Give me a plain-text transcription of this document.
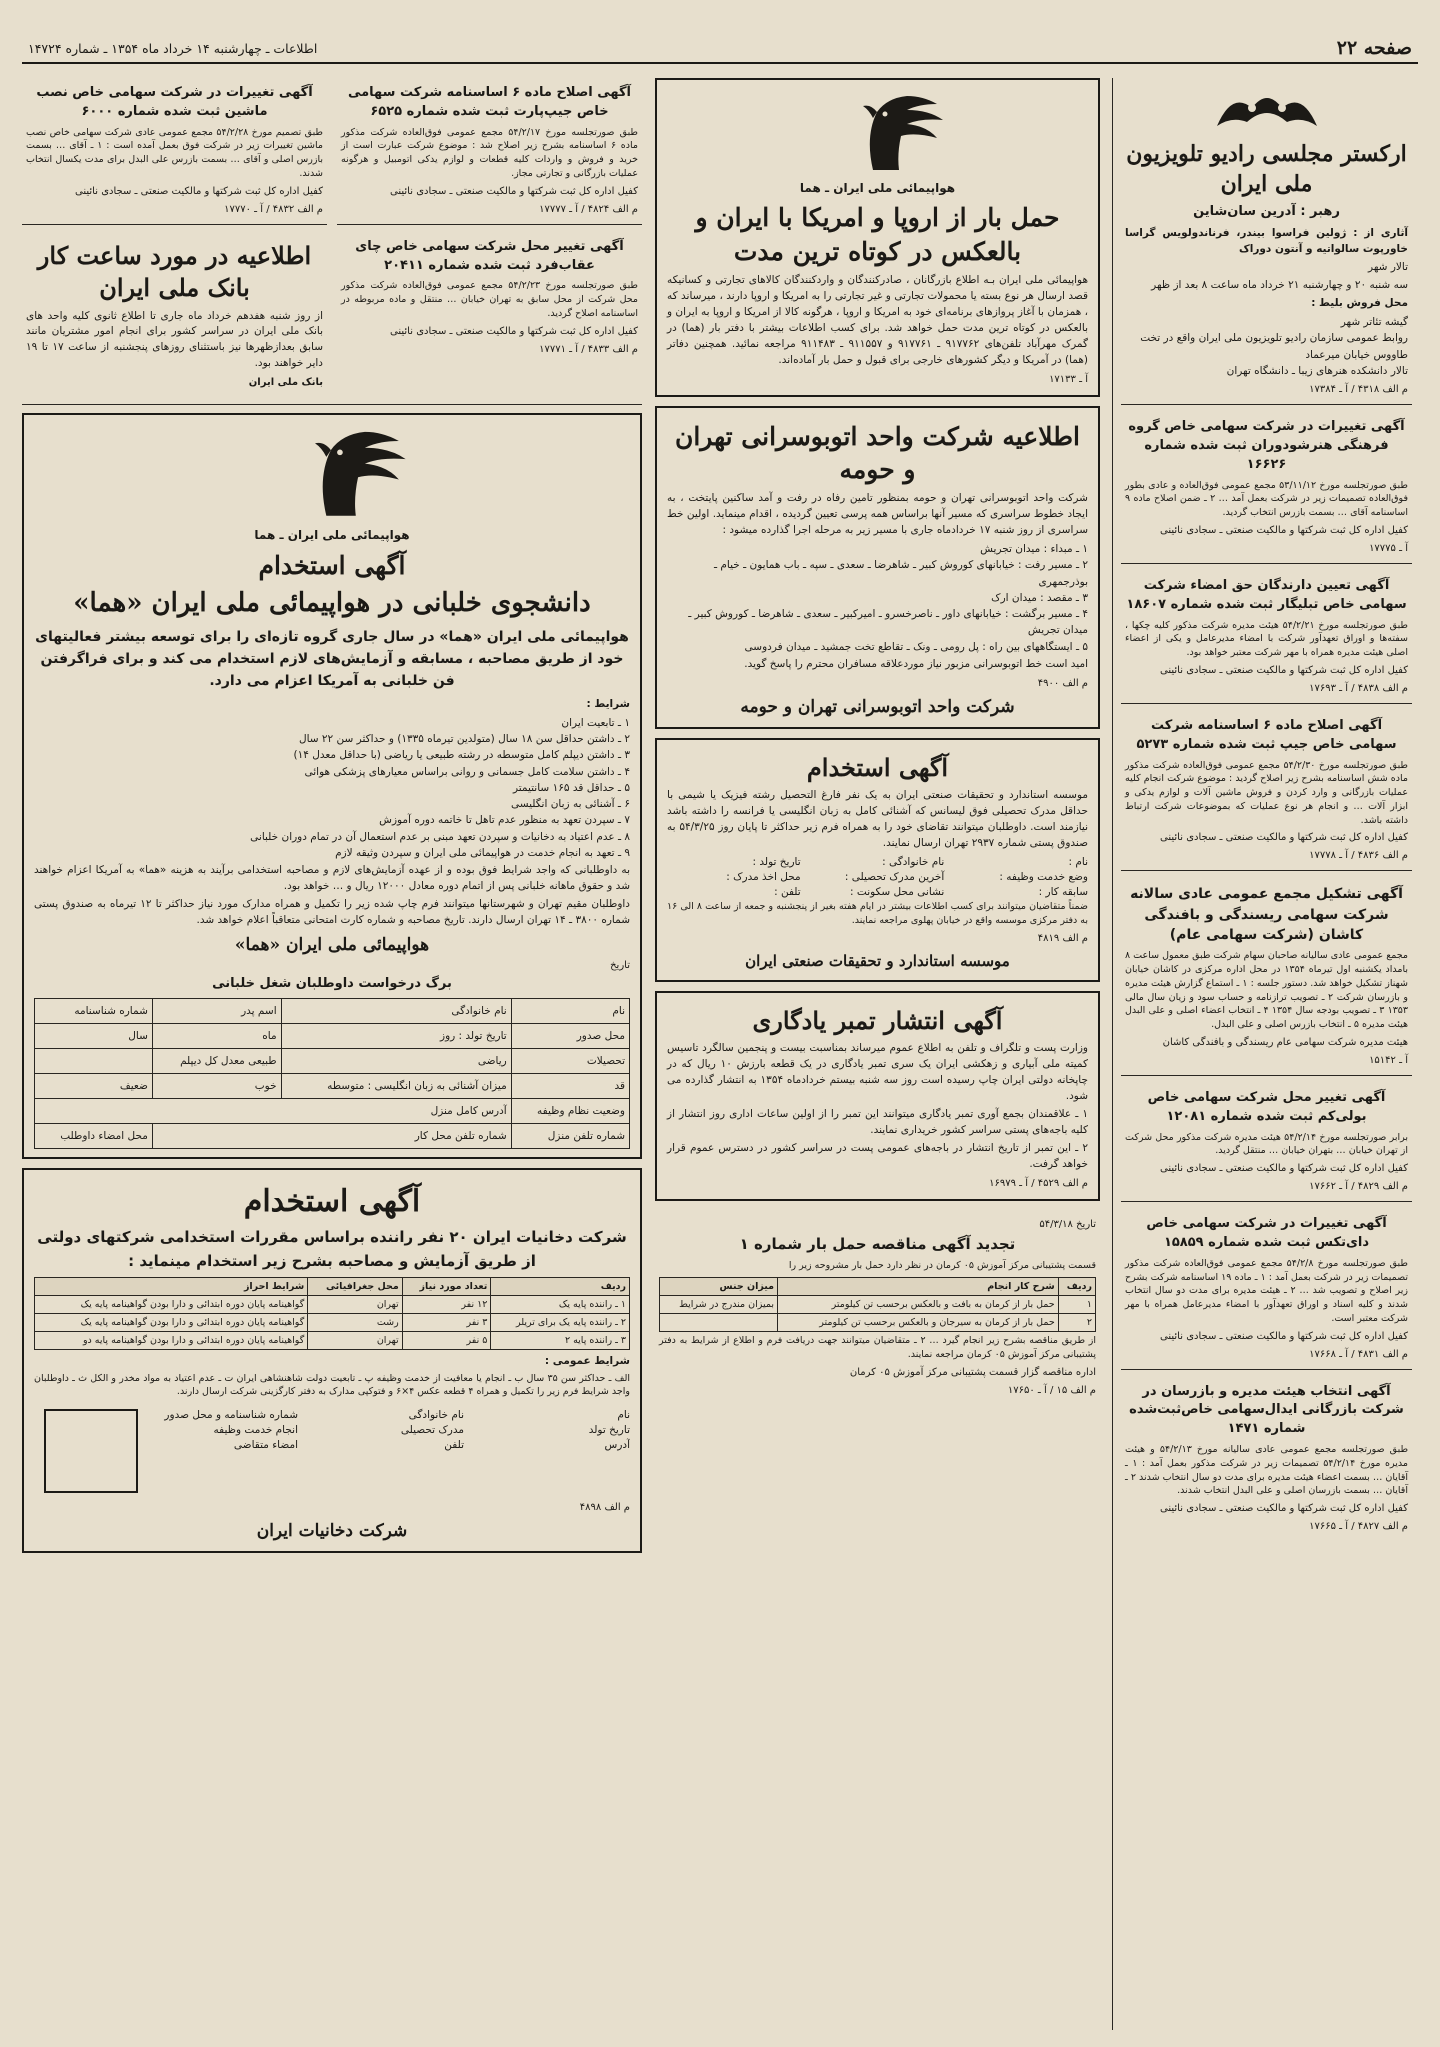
صفحه ۲۲
اطلاعات ـ چهارشنبه ۱۴ خرداد ماه ۱۳۵۴ ـ شماره ۱۴۷۲۴
ارکستر مجلسی رادیو تلویزیون ملی ایران
رهبر : آدرین سان‌شاین
آثاری از : ژولین فراسوا بیندر، فرناندولویس گراسا خاورپوت سالواتیه و آنتون دوراک
تالار شهر
سه شنبه ۲۰ و چهارشنبه ۲۱ خرداد ماه ساعت ۸ بعد از ظهر
محل فروش بلیط :
گیشه تئاتر شهر
روابط عمومی سازمان رادیو تلویزیون ملی ایران واقع در تخت طاووس خیابان میرعماد
تالار دانشکده هنرهای زیبا ـ دانشگاه تهران
م الف ۴۳۱۸ / آ ـ ۱۷۳۸۴
آگهی تغییرات در شرکت سهامی خاص گروه فرهنگی هنرشودوران ثبت شده شماره ۱۶۶۲۶
طبق صورتجلسه مورخ ۵۳/۱۱/۱۲ مجمع عمومی فوق‌العاده و عادی بطور فوق‌العاده تصمیمات زیر در شرکت بعمل آمد … ۲ ـ ضمن اصلاح ماده ۹ اساسنامه آقای … بسمت بازرس انتخاب گردید.
کفیل اداره کل ثبت شرکتها و مالکیت صنعتی ـ سجادی نائینی
آ ـ ۱۷۷۷۵
آگهی تعیین دارندگان حق امضاء شرکت سهامی خاص تبلیگار ثبت شده شماره ۱۸۶۰۷
طبق صورتجلسه مورخ ۵۴/۲/۲۱ هیئت مدیره شرکت مذکور کلیه چکها ، سفته‌ها و اوراق تعهدآور شرکت با امضاء مدیرعامل و یکی از اعضاء اصلی هیئت مدیره همراه با مهر شرکت معتبر خواهد بود.
کفیل اداره کل ثبت شرکتها و مالکیت صنعتی ـ سجادی نائینی
م الف ۴۸۳۸ / آ ـ ۱۷۶۹۳
آگهی اصلاح ماده ۶ اساسنامه شرکت سهامی خاص جیپ ثبت شده شماره ۵۲۷۳
طبق صورتجلسه مورخ ۵۴/۲/۳۰ مجمع عمومی فوق‌العاده شرکت مذکور ماده شش اساسنامه بشرح زیر اصلاح گردید : موضوع شرکت انجام کلیه عملیات بازرگانی و وارد کردن و فروش ماشین آلات و لوازم یدکی و ابزار آلات … و انجام هر نوع عملیات که بموضوعات شرکت ارتباط داشته باشد.
کفیل اداره کل ثبت شرکتها و مالکیت صنعتی ـ سجادی نائینی
م الف ۴۸۳۶ / آ ـ ۱۷۷۷۸
آگهی تشکیل مجمع عمومی عادی سالانه شرکت سهامی ریسندگی و بافندگی کاشان (شرکت سهامی عام)
مجمع عمومی عادی سالیانه صاحبان سهام شرکت طبق معمول ساعت ۸ بامداد یکشنبه اول تیرماه ۱۳۵۴ در محل اداره مرکزی در کاشان خیابان شهناز تشکیل خواهد شد. دستور جلسه : ۱ ـ استماع گزارش هیئت مدیره و بازرسان شرکت ۲ ـ تصویب ترازنامه و حساب سود و زیان سال مالی ۱۳۵۳ ۳ ـ تصویب بودجه سال ۱۳۵۴ ۴ ـ انتخاب اعضاء اصلی و علی البدل هیئت مدیره ۵ ـ انتخاب بازرس اصلی و علی البدل.
هیئت مدیره شرکت سهامی عام ریسندگی و بافندگی کاشان
آ ـ ۱۵۱۴۲
آگهی تغییر محل شرکت سهامی خاص بولی‌کم ثبت شده شماره ۱۲۰۸۱
برابر صورتجلسه مورخ ۵۴/۲/۱۴ هیئت مدیره شرکت مذکور محل شرکت از تهران خیابان … بتهران خیابان … منتقل گردید.
کفیل اداره کل ثبت شرکتها و مالکیت صنعتی ـ سجادی نائینی
م الف ۴۸۲۹ / آ ـ ۱۷۶۶۲
آگهی تغییرات در شرکت سهامی خاص دای‌تکس ثبت شده شماره ۱۵۸۵۹
طبق صورتجلسه مورخ ۵۴/۲/۸ مجمع عمومی فوق‌العاده شرکت مذکور تصمیمات زیر در شرکت بعمل آمد : ۱ ـ ماده ۱۹ اساسنامه شرکت بشرح زیر اصلاح و تصویب شد … ۲ ـ هیئت مدیره برای مدت دو سال انتخاب شدند و کلیه اسناد و اوراق تعهدآور با امضاء مدیرعامل همراه با مهر شرکت معتبر است.
کفیل اداره کل ثبت شرکتها و مالکیت صنعتی ـ سجادی نائینی
م الف ۴۸۳۱ / آ ـ ۱۷۶۶۸
آگهی انتخاب هیئت مدیره و بازرسان در شرکت بازرگانی ایدال‌سهامی خاص‌ثبت‌شده شماره ۱۴۷۱
طبق صورتجلسه مجمع عمومی عادی سالیانه مورخ ۵۴/۲/۱۳ و هیئت مدیره مورخ ۵۴/۲/۱۴ تصمیمات زیر در شرکت مذکور بعمل آمد : ۱ ـ آقایان … بسمت اعضاء هیئت مدیره برای مدت دو سال انتخاب شدند ۲ ـ آقایان … بسمت بازرسان اصلی و علی البدل انتخاب شدند.
کفیل اداره کل ثبت شرکتها و مالکیت صنعتی ـ سجادی نائینی
م الف ۴۸۲۷ / آ ـ ۱۷۶۶۵
هواپیمائی ملی ایران ـ هما
حمل بار از اروپا و امریکا با ایران و بالعکس در کوتاه ترین مدت
هواپیمائی ملی ایران بـه اطلاع بازرگانان ، صادرکنندگان و واردکنندگان کالاهای تجارتی و کسانیکه قصد ارسال هر نوع بسته یا محمولات تجارتی و غیر تجارتی را به امریکا و اروپا دارند ، میرساند که ، همزمان با آغاز پروازهای برنامه‌ای خود به امریکا و اروپا ، هرگونه کالا از امریکا و اروپا به ایران و بالعکس در کوتاه ترین مدت حمل خواهد شد. برای کسب اطلاعات بیشتر با دفتر بار (هما) در گمرک مهرآباد تلفن‌های ۹۱۷۷۶۲ ـ ۹۱۷۷۶۱ و ۹۱۱۵۵۷ ـ ۹۱۱۴۸۳ مراجعه نمائید. همچنین دفاتر (هما) در آمریکا و دیگر کشورهای خارجی برای قبول و حمل بار آماده‌اند.
آ ـ ۱۷۱۳۳
اطلاعیه شرکت واحد اتوبوسرانی تهران و حومه
شرکت واحد اتوبوسرانی تهران و حومه بمنظور تامین رفاه در رفت و آمد ساکنین پایتخت ، به ایجاد خطوط سراسری که مسیر آنها براساس همه پرسی تعیین گردیده ، اقدام مینماید. اولین خط سراسری از روز شنبه ۱۷ خردادماه جاری با مسیر زیر به مرحله اجرا گذارده میشود :
۱ ـ مبداء : میدان تجریش
۲ ـ مسیر رفت : خیابانهای کوروش کبیر ـ شاهرضا ـ سعدی ـ سپه ـ باب همایون ـ خیام ـ بوذرجمهری
۳ ـ مقصد : میدان ارک
۴ ـ مسیر برگشت : خیابانهای داور ـ ناصرخسرو ـ امیرکبیر ـ سعدی ـ شاهرضا ـ کوروش کبیر ـ میدان تجریش
۵ ـ ایستگاههای بین راه : پل رومی ـ ونک ـ تقاطع تخت جمشید ـ میدان فردوسی
امید است خط اتوبوسرانی مزبور نیاز موردعلاقه مسافران محترم را پاسخ گوید.
م الف ۴۹۰۰
شرکت واحد اتوبوسرانی تهران و حومه
آگهی استخدام
موسسه استاندارد و تحقیقات صنعتی ایران به یک نفر فارغ التحصیل رشته فیزیک یا شیمی با حداقل مدرک تحصیلی فوق لیسانس که آشنائی کامل به زبان انگلیسی یا فرانسه را داشته باشد نیازمند است. داوطلبان میتوانند تقاضای خود را به همراه فرم زیر حداکثر تا پایان روز ۵۴/۳/۲۵ به صندوق پستی شماره ۲۹۳۷ تهران ارسال نمایند.
نام :
نام خانوادگی :
تاریخ تولد :
وضع خدمت وظیفه :
آخرین مدرک تحصیلی :
محل اخذ مدرک :
سابقه کار :
نشانی محل سکونت :
تلفن :
ضمناً متقاضیان میتوانند برای کسب اطلاعات بیشتر در ایام هفته بغیر از پنجشنبه و جمعه از ساعت ۸ الی ۱۶ به دفتر مرکزی موسسه واقع در خیابان پهلوی مراجعه نمایند.
م الف ۴۸۱۹
موسسه استاندارد و تحقیقات صنعتی ایران
آگهی انتشار تمبر یادگاری
وزارت پست و تلگراف و تلفن به اطلاع عموم میرساند بمناسبت بیست و پنجمین سالگرد تاسیس کمیته ملی آبیاری و زهکشی ایران یک سری تمبر یادگاری در یک قطعه بارزش ۱۰ ریال که در چاپخانه دولتی ایران چاپ رسیده است روز سه شنبه بیستم خردادماه ۱۳۵۴ به انتشار گذارده می شود.
۱ ـ علاقمندان بجمع آوری تمبر یادگاری میتوانند این تمبر را از اولین ساعات اداری روز انتشار از کلیه باجه‌های پستی سراسر کشور خریداری نمایند.
۲ ـ این تمبر از تاریخ انتشار در باجه‌های عمومی پست در سراسر کشور در دسترس عموم قرار خواهد گرفت.
م الف ۴۵۲۹ / آ ـ ۱۶۹۷۹
تاریخ ۵۴/۳/۱۸
تجدید آگهی مناقصه حمل بار شماره ۱
قسمت پشتیبانی مرکز آموزش ۰۵ کرمان در نظر دارد حمل بار مشروحه زیر را
ردیف	شرح کار انجام	میزان جنس
۱	حمل بار از کرمان به بافت و بالعکس برحسب تن کیلومتر	بمیزان مندرج در شرایط
۲	حمل بار از کرمان به سیرجان و بالعکس برحسب تن کیلومتر	
از طریق مناقصه بشرح زیر انجام گیرد … ۲ ـ متقاضیان میتوانند جهت دریافت فرم و اطلاع از شرایط به دفتر پشتیبانی مرکز آموزش ۰۵ کرمان مراجعه نمایند.
اداره مناقصه گزار قسمت پشتیبانی مرکز آموزش ۰۵ کرمان
م الف ۱۵ / آ ـ ۱۷۶۵۰
آگهی اصلاح ماده ۶ اساسنامه شرکت سهامی خاص جیپ‌پارت ثبت شده شماره ۶۵۲۵
طبق صورتجلسه مورخ ۵۴/۲/۱۷ مجمع عمومی فوق‌العاده شرکت مذکور ماده ۶ اساسنامه بشرح زیر اصلاح شد : موضوع شرکت عبارت است از خرید و فروش و واردات کلیه قطعات و لوازم یدکی اتومبیل و هرگونه عملیات بازرگانی و تجارتی مجاز.
کفیل اداره کل ثبت شرکتها و مالکیت صنعتی ـ سجادی نائینی
م الف ۴۸۲۴ / آ ـ ۱۷۷۷۷
آگهی تغییر محل شرکت سهامی خاص چای عقاب‌فرد ثبت شده شماره ۲۰۴۱۱
طبق صورتجلسه مورخ ۵۴/۲/۲۳ مجمع عمومی فوق‌العاده شرکت مذکور محل شرکت از محل سابق به تهران خیابان … منتقل و ماده مربوطه در اساسنامه اصلاح گردید.
کفیل اداره کل ثبت شرکتها و مالکیت صنعتی ـ سجادی نائینی
م الف ۴۸۳۳ / آ ـ ۱۷۷۷۱
آگهی تغییرات در شرکت سهامی خاص نصب ماشین ثبت شده شماره ۶۰۰۰
طبق تصمیم مورخ ۵۴/۲/۲۸ مجمع عمومی عادی شرکت سهامی خاص نصب ماشین تغییرات زیر در شرکت فوق بعمل آمده است : ۱ ـ آقای … بسمت بازرس اصلی و آقای … بسمت بازرس علی البدل برای مدت یکسال انتخاب شدند.
کفیل اداره کل ثبت شرکتها و مالکیت صنعتی ـ سجادی نائینی
م الف ۴۸۳۲ / آ ـ ۱۷۷۷۰
اطلاعیه در مورد ساعت کار بانک ملی ایران
از روز شنبه هفدهم خرداد ماه جاری تا اطلاع ثانوی کلیه واحد های بانک ملی ایران در سراسر کشور برای انجام امور مشتریان مانند سابق بعدازظهرها نیز باستثنای روزهای پنجشنبه از ساعت ۱۷ تا ۱۹ دایر خواهند بود.
بانک ملی ایران
هواپیمائی ملی ایران ـ هما
آگهی استخدام
دانشجوی خلبانی در هواپیمائی ملی ایران «هما»
هواپیمائی ملی ایران «هما» در سال جاری گروه تازه‌ای را برای توسعه بیشتر فعالیتهای خود از طریق مصاحبه ، مسابقه و آزمایش‌های لازم استخدام می کند و برای فراگرفتن فن خلبانی به آمریکا اعزام می دارد.
شرایط :
۱ ـ تابعیت ایران
۲ ـ داشتن حداقل سن ۱۸ سال (متولدین تیرماه ۱۳۳۵) و حداکثر سن ۲۲ سال
۳ ـ داشتن دیپلم کامل متوسطه در رشته طبیعی یا ریاضی (با حداقل معدل ۱۴)
۴ ـ داشتن سلامت کامل جسمانی و روانی براساس معیارهای پزشکی هوائی
۵ ـ حداقل قد ۱۶۵ سانتیمتر
۶ ـ آشنائی به زبان انگلیسی
۷ ـ سپردن تعهد به منظور عدم تاهل تا خاتمه دوره آموزش
۸ ـ عدم اعتیاد به دخانیات و سپردن تعهد مبنی بر عدم استعمال آن در تمام دوران خلبانی
۹ ـ تعهد به انجام خدمت در هواپیمائی ملی ایران و سپردن وثیقه لازم
به داوطلبانی که واجد شرایط فوق بوده و از عهده آزمایش‌های لازم و مصاحبه استخدامی برآیند به هزینه «هما» به آمریکا اعزام خواهند شد و حقوق ماهانه خلبانی پس از اتمام دوره معادل ۱۲۰۰۰ ریال و … خواهد بود.
داوطلبان مقیم تهران و شهرستانها میتوانند فرم چاپ شده زیر را تکمیل و همراه مدارک مورد نیاز حداکثر تا ۱۲ تیرماه به صندوق پستی شماره ۳۸۰۰ ـ ۱۴ تهران ارسال دارند. تاریخ مصاحبه و شماره کارت امتحانی متعاقباً اعلام خواهد شد.
هواپیمائی ملی ایران «هما»
تاریخ
برگ درخواست داوطلبان شغل خلبانی
نام	نام خانوادگی	اسم پدر	شماره شناسنامه
محل صدور	تاریخ تولد : روز	ماه	سال
تحصیلات	ریاضی	طبیعی معدل کل دیپلم	
قد	میزان آشنائی به زبان انگلیسی : متوسطه	خوب	ضعیف
وضعیت نظام وظیفه	آدرس کامل منزل		
شماره تلفن منزل	شماره تلفن محل کار		محل امضاء داوطلب
آگهی استخدام
شرکت دخانیات ایران ۲۰ نفر راننده براساس مقررات استخدامی شرکتهای دولتی از طریق آزمایش و مصاحبه بشرح زیر استخدام مینماید :
ردیف	تعداد مورد نیاز	محل جغرافیائی	شرایط احراز
۱ ـ راننده پایه یک	۱۲ نفر	تهران	گواهینامه پایان دوره ابتدائی و دارا بودن گواهینامه پایه یک
۲ ـ راننده پایه یک برای تریلر	۳ نفر	رشت	گواهینامه پایان دوره ابتدائی و دارا بودن گواهینامه پایه یک
۳ ـ راننده پایه ۲	۵ نفر	تهران	گواهینامه پایان دوره ابتدائی و دارا بودن گواهینامه پایه دو
شرایط عمومی :
الف ـ حداکثر سن ۳۵ سال ب ـ انجام یا معافیت از خدمت وظیفه پ ـ تابعیت دولت شاهنشاهی ایران ت ـ عدم اعتیاد به مواد مخدر و الکل ث ـ داوطلبان واجد شرایط فرم زیر را تکمیل و همراه ۴ قطعه عکس ۴×۶ و فتوکپی مدارک به دفتر کارگزینی شرکت ارسال دارند.
نام
نام خانوادگی
شماره شناسنامه و محل صدور
تاریخ تولد
مدرک تحصیلی
انجام خدمت وظیفه
آدرس
تلفن
امضاء متقاضی
م الف ۴۸۹۸
شرکت دخانیات ایران
